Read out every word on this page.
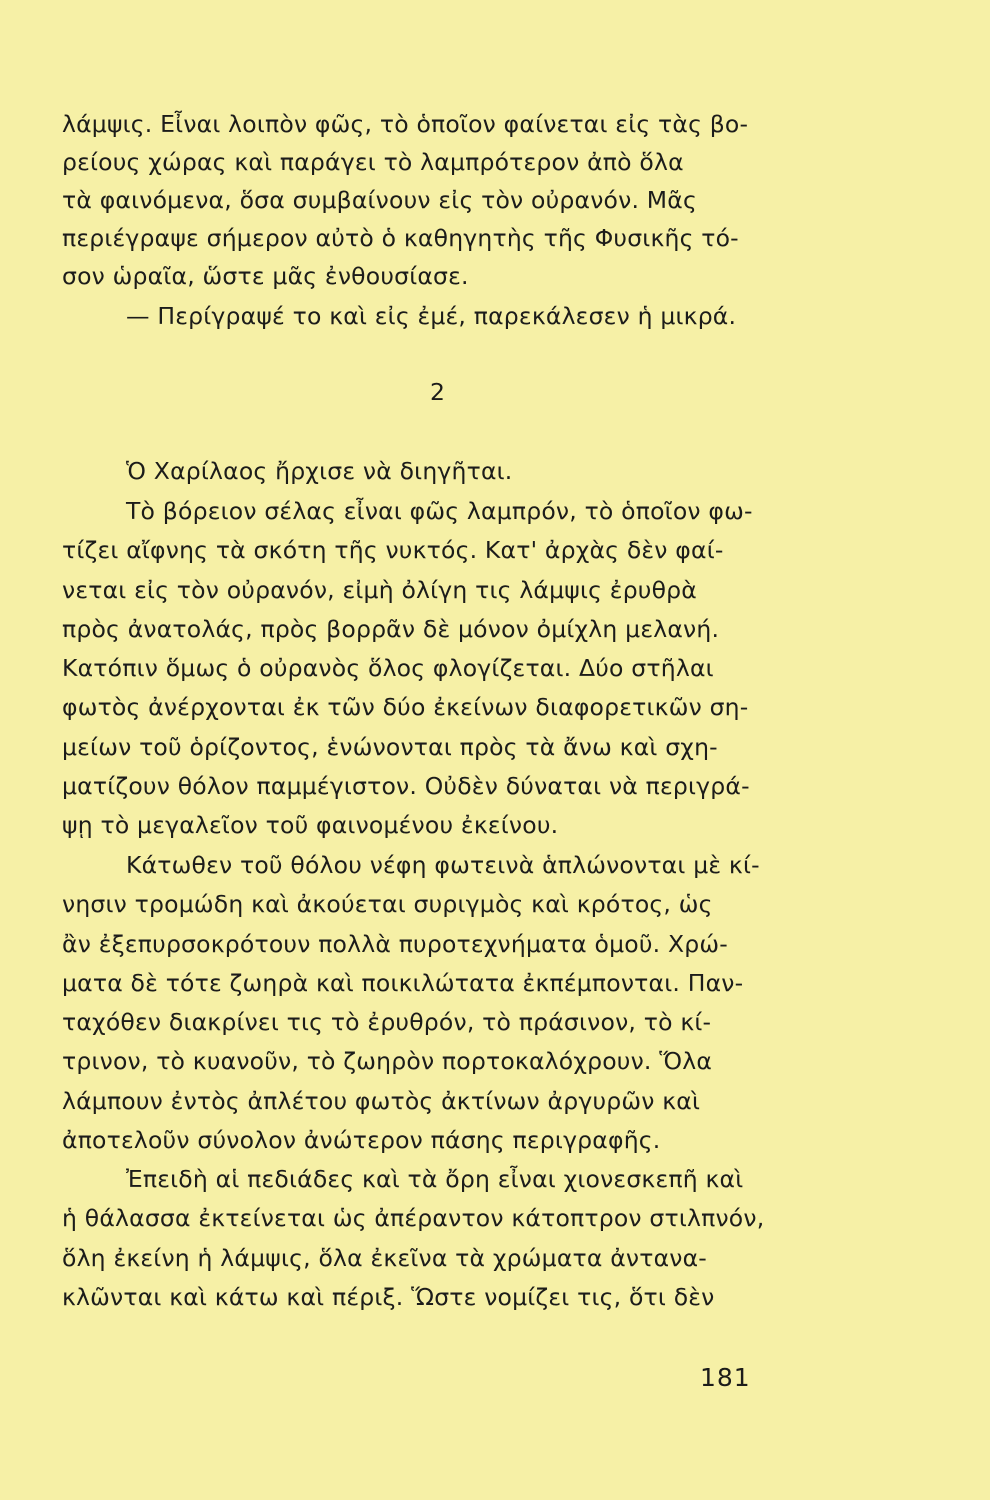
λάμψις. Εἶναι λοιπὸν φῶς, τὸ ὁποῖον φαίνεται εἰς τὰς βο-
ρείους χώρας καὶ παράγει τὸ λαμπρότερον ἀπὸ ὅλα
τὰ φαινόμενα, ὅσα συμβαίνουν εἰς τὸν οὐρανόν. Μᾶς
περιέγραψε σήμερον αὐτὸ ὁ καθηγητὴς τῆς Φυσικῆς τό-
σον ὡραῖα, ὥστε μᾶς ἐνθουσίασε.
— Περίγραψέ το καὶ εἰς ἐμέ, παρεκάλεσεν ἡ μικρά.
2
Ὁ Χαρίλαος ἤρχισε νὰ διηγῆται.
Τὸ βόρειον σέλας εἶναι φῶς λαμπρόν, τὸ ὁποῖον φω-
τίζει αἴφνης τὰ σκότη τῆς νυκτός. Κατ' ἀρχὰς δὲν φαί-
νεται εἰς τὸν οὐρανόν, εἰμὴ ὀλίγη τις λάμψις ἐρυθρὰ
πρὸς ἀνατολάς, πρὸς βορρᾶν δὲ μόνον ὀμίχλη μελανή.
Κατόπιν ὅμως ὁ οὐρανὸς ὅλος φλογίζεται. Δύο στῆλαι
φωτὸς ἀνέρχονται ἐκ τῶν δύο ἐκείνων διαφορετικῶν ση-
μείων τοῦ ὁρίζοντος, ἑνώνονται πρὸς τὰ ἄνω καὶ σχη-
ματίζουν θόλον παμμέγιστον. Οὐδὲν δύναται νὰ περιγρά-
ψῃ τὸ μεγαλεῖον τοῦ φαινομένου ἐκείνου.
Κάτωθεν τοῦ θόλου νέφη φωτεινὰ ἁπλώνονται μὲ κί-
νησιν τρομώδη καὶ ἀκούεται συριγμὸς καὶ κρότος, ὡς
ἂν ἐξεπυρσοκρότουν πολλὰ πυροτεχνήματα ὁμοῦ. Χρώ-
ματα δὲ τότε ζωηρὰ καὶ ποικιλώτατα ἐκπέμπονται. Παν-
ταχόθεν διακρίνει τις τὸ ἐρυθρόν, τὸ πράσινον, τὸ κί-
τρινον, τὸ κυανοῦν, τὸ ζωηρὸν πορτοκαλόχρουν. Ὅλα
λάμπουν ἐντὸς ἀπλέτου φωτὸς ἀκτίνων ἀργυρῶν καὶ
ἀποτελοῦν σύνολον ἀνώτερον πάσης περιγραφῆς.
Ἐπειδὴ αἱ πεδιάδες καὶ τὰ ὄρη εἶναι χιονεσκεπῆ καὶ
ἡ θάλασσα ἐκτείνεται ὡς ἀπέραντον κάτοπτρον στιλπνόν,
ὅλη ἐκείνη ἡ λάμψις, ὅλα ἐκεῖνα τὰ χρώματα ἀντανα-
κλῶνται καὶ κάτω καὶ πέριξ. Ὥστε νομίζει τις, ὅτι δὲν
181
